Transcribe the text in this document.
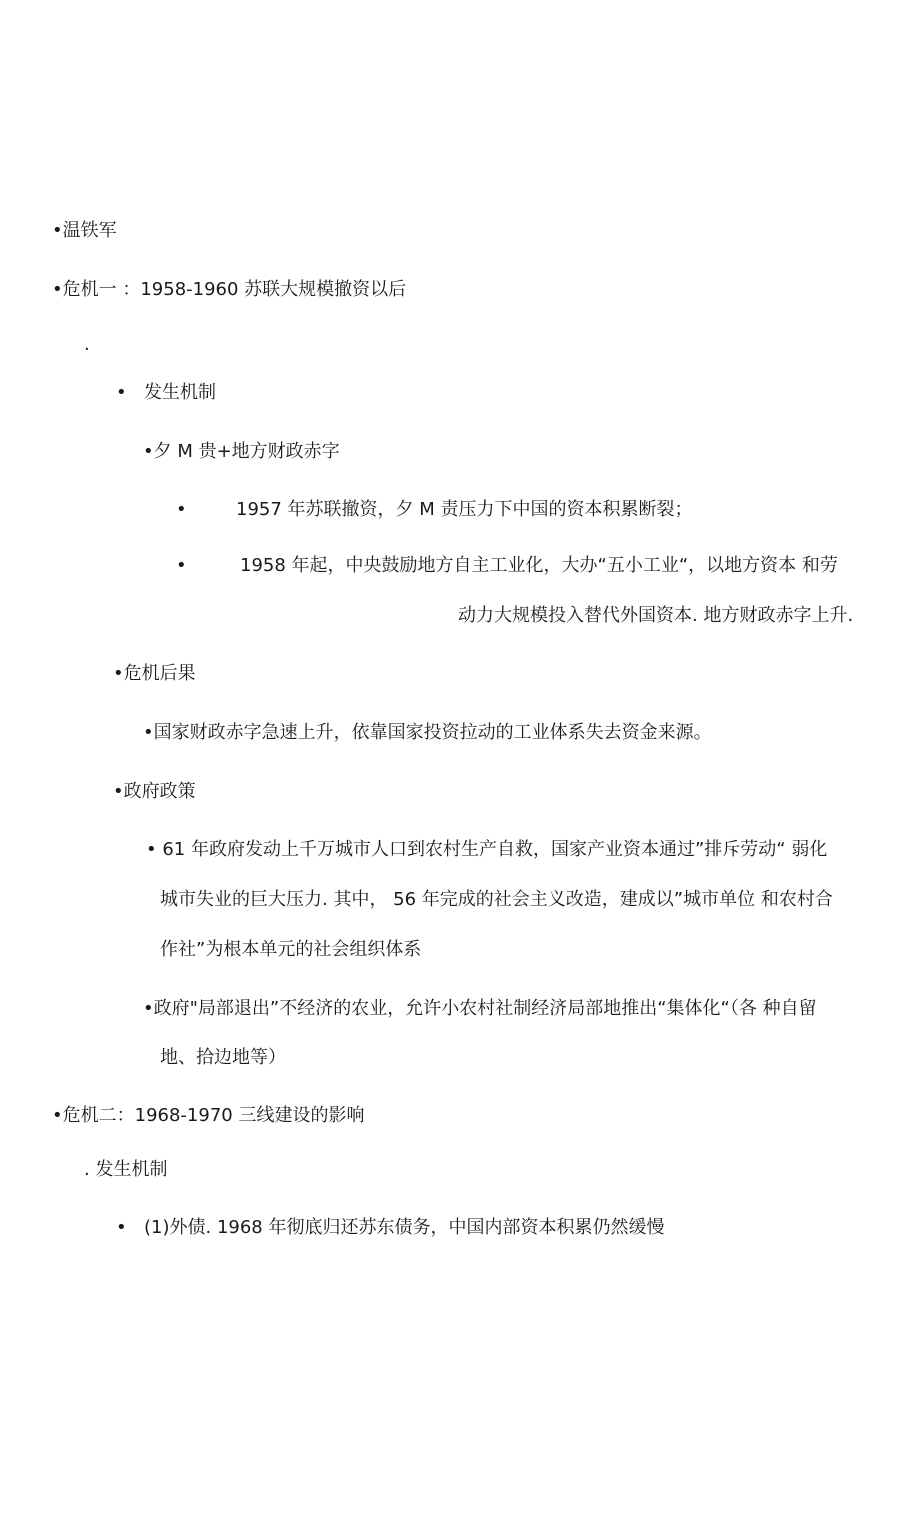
•温铁军
•危机一 ：1958-1960 苏联大规模撤资以后
.
• 发生机制
•夕 M 贵+地方财政赤字
•	1957 年苏联撤资，夕 M 责压力下中国的资本积累断裂；
•	1958 年起，中央鼓励地方自主工业化，大办“五小工业“，以地方资本 和劳
动力大规模投入替代外国资本. 地方财政赤字上升.
•危机后果
•国家财政赤字急速上升，依靠国家投资拉动的工业体系失去资金来源。
•政府政策
• 61 年政府发动上千万城市人口到农村生产自救，国家产业资本通过”排斥劳动“ 弱化
城市失业的巨大压力. 其中， 56 年完成的社会主义改造，建成以”城市单位 和农村合
作社”为根本单元的社会组织体系
•政府"局部退出”不经济的农业，允许小农村社制经济局部地推出“集体化“（各 种自留
地、拾边地等）
•危机二：1968-1970 三线建设的影响
. 发生机制
• (1)外债. 1968 年彻底归还苏东债务，中国内部资本积累仍然缓慢
